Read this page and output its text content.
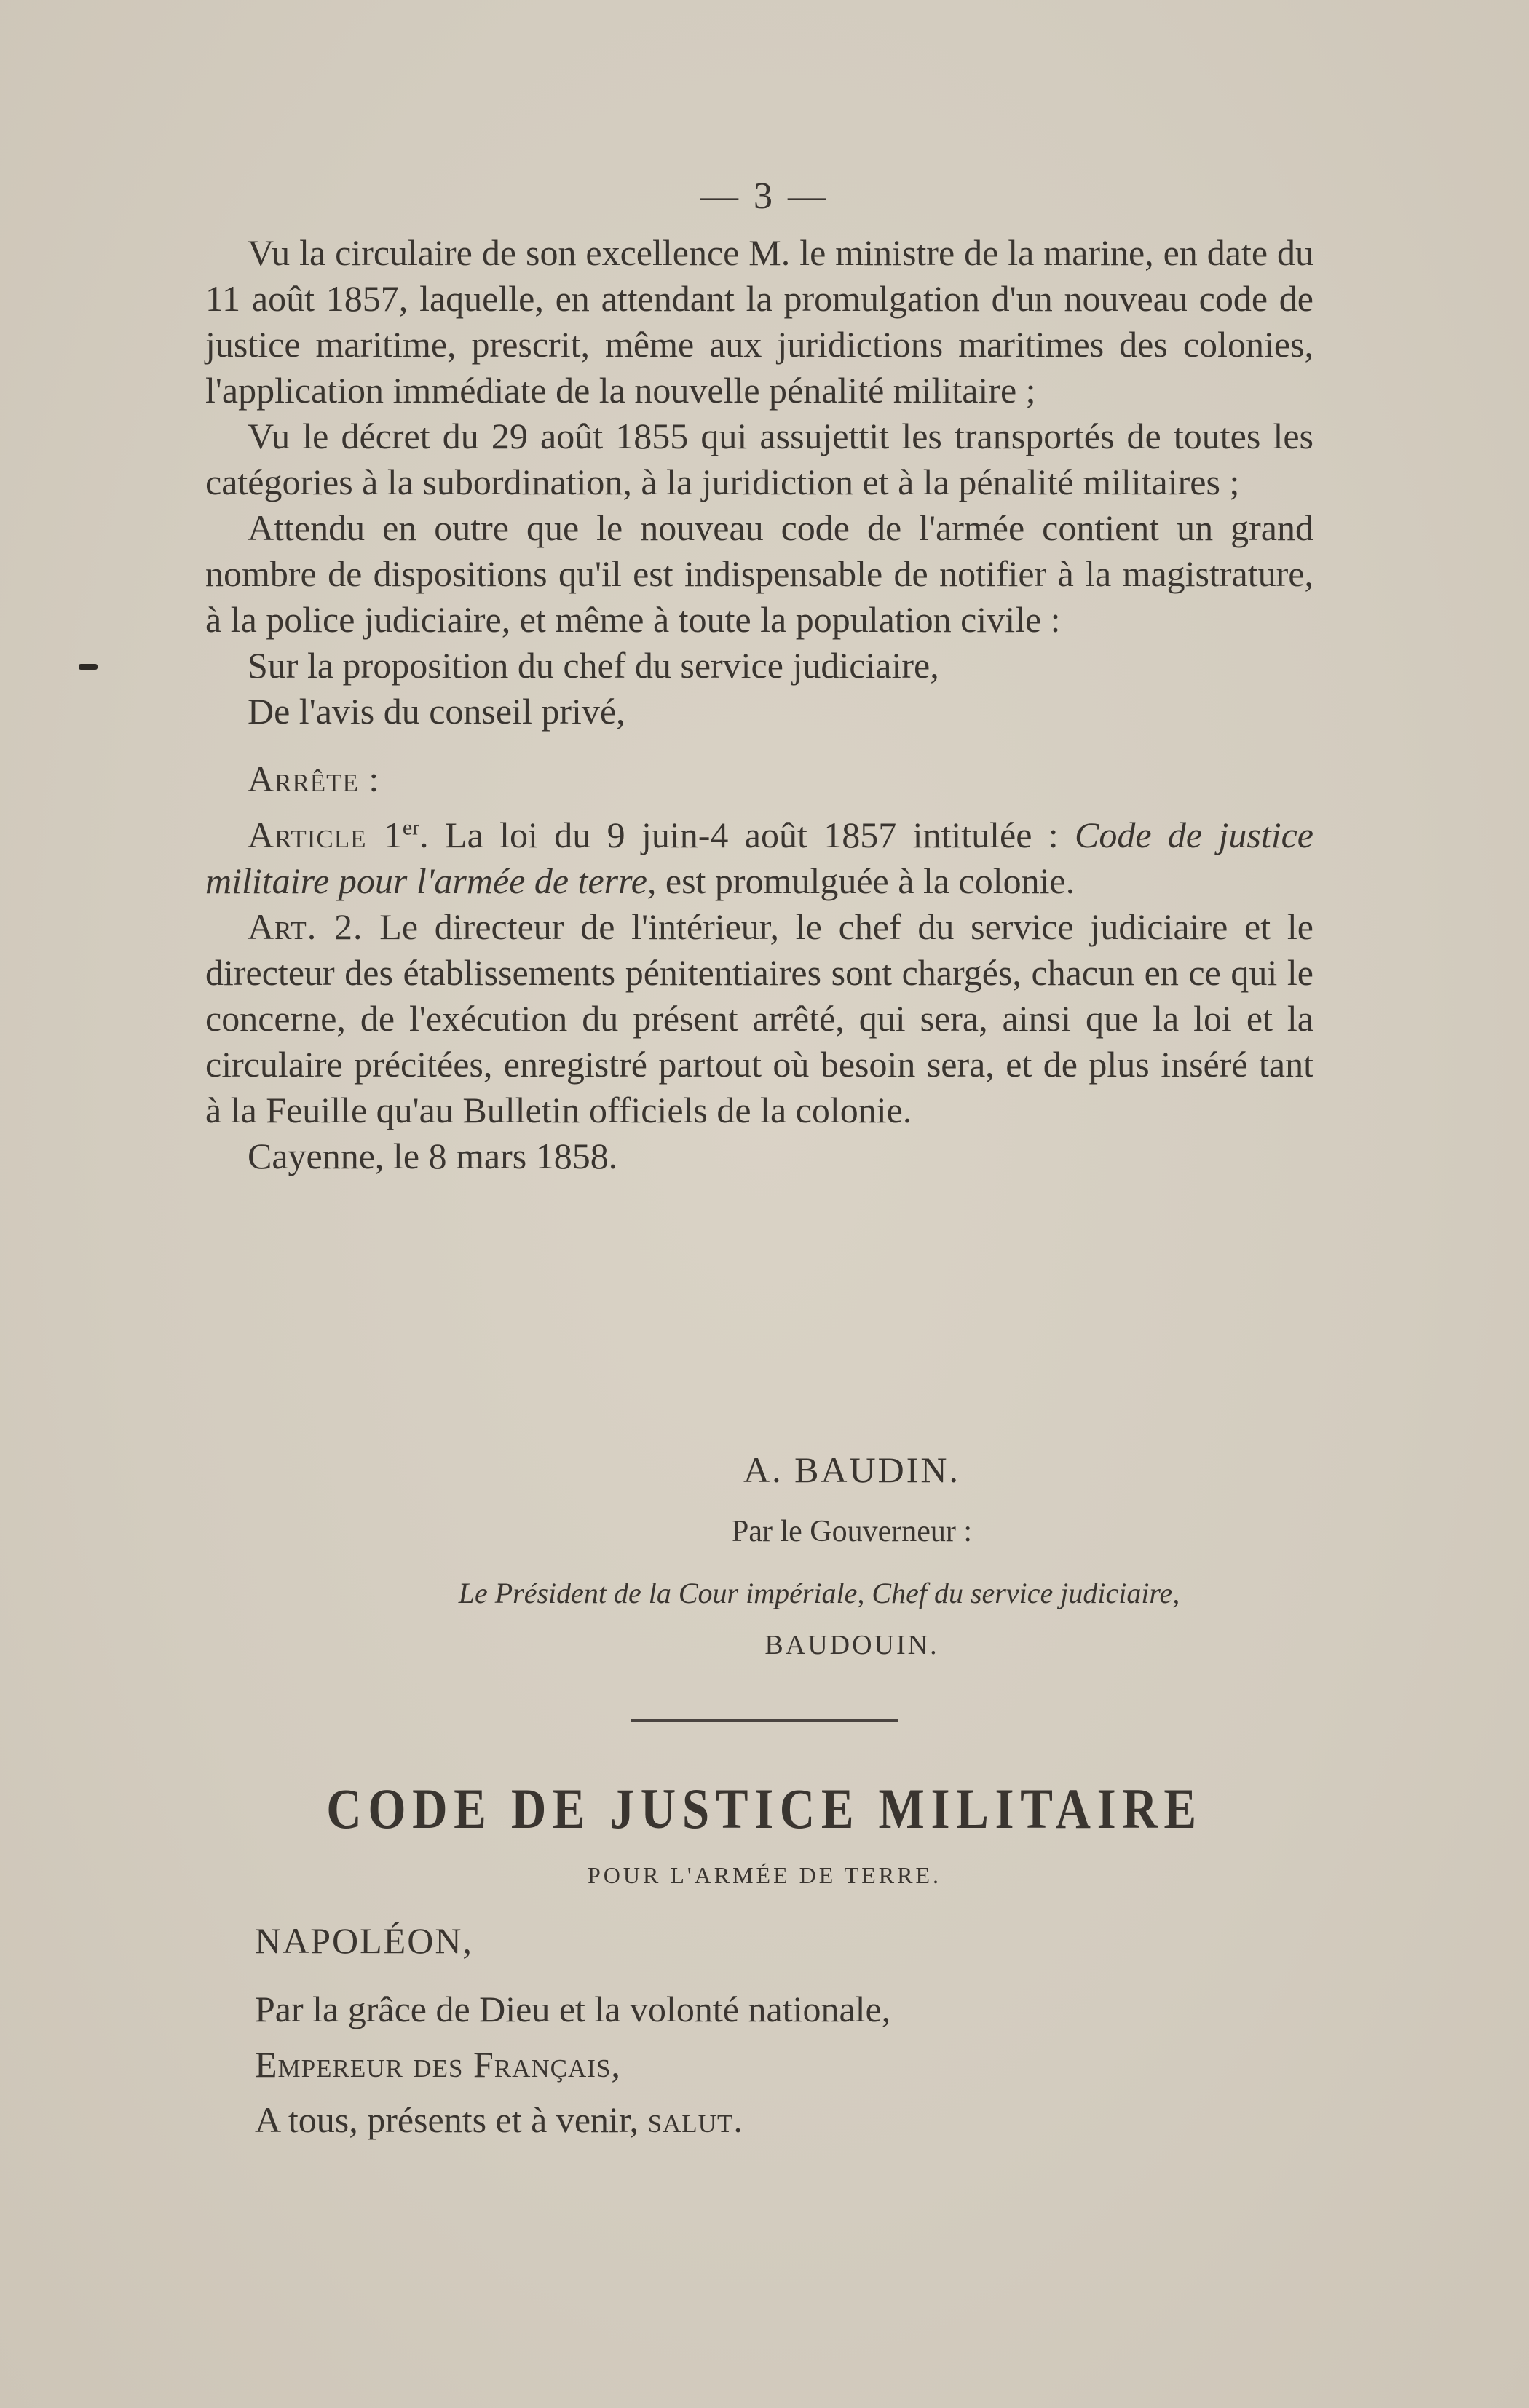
— 3 —

Vu la circulaire de son excellence M. le ministre de la marine, en date du 11 août 1857, laquelle, en attendant la promulgation d'un nouveau code de justice maritime, prescrit, même aux juridictions maritimes des colonies, l'application immédiate de la nouvelle pénalité militaire ;

Vu le décret du 29 août 1855 qui assujettit les transportés de toutes les catégories à la subordination, à la juridiction et à la pénalité militaires ;

Attendu en outre que le nouveau code de l'armée contient un grand nombre de dispositions qu'il est indispensable de notifier à la magistrature, à la police judiciaire, et même à toute la population civile :

Sur la proposition du chef du service judiciaire,

De l'avis du conseil privé,

Arrête :

Article 1er. La loi du 9 juin-4 août 1857 intitulée : Code de justice militaire pour l'armée de terre, est promulguée à la colonie.

Art. 2. Le directeur de l'intérieur, le chef du service judiciaire et le directeur des établissements pénitentiaires sont chargés, chacun en ce qui le concerne, de l'exécution du présent arrêté, qui sera, ainsi que la loi et la circulaire précitées, enregistré partout où besoin sera, et de plus inséré tant à la Feuille qu'au Bulletin officiels de la colonie.

Cayenne, le 8 mars 1858.

A. BAUDIN.
Par le Gouverneur :
Le Président de la Cour impériale, Chef du service judiciaire,
BAUDOUIN.
CODE DE JUSTICE MILITAIRE
POUR L'ARMÉE DE TERRE.

NAPOLÉON,

Par la grâce de Dieu et la volonté nationale,

Empereur des Français,

A tous, présents et à venir, salut.
